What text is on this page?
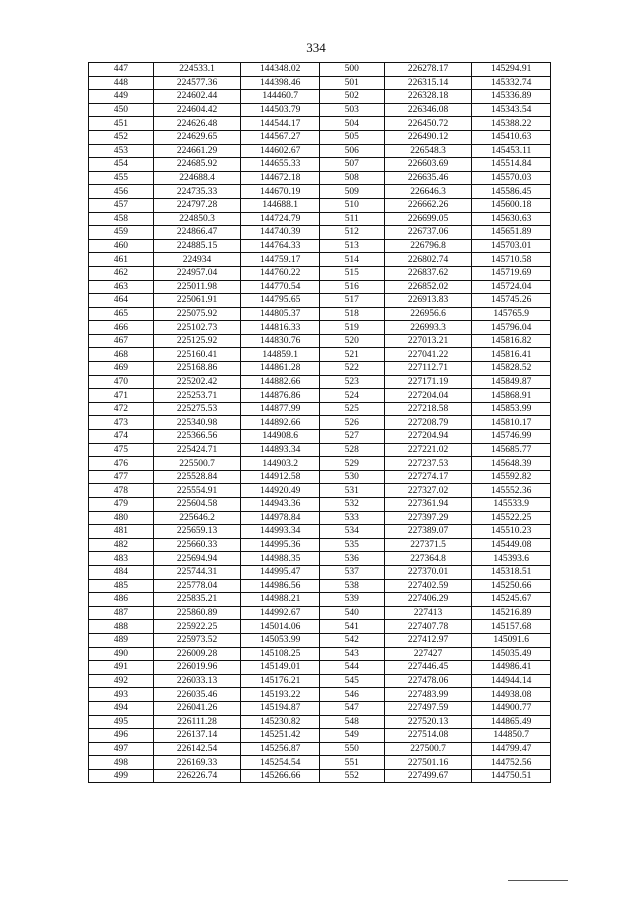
334
447	224533.1	144348.02	500	226278.17	145294.91
448	224577.36	144398.46	501	226315.14	145332.74
449	224602.44	144460.7	502	226328.18	145336.89
450	224604.42	144503.79	503	226346.08	145343.54
451	224626.48	144544.17	504	226450.72	145388.22
452	224629.65	144567.27	505	226490.12	145410.63
453	224661.29	144602.67	506	226548.3	145453.11
454	224685.92	144655.33	507	226603.69	145514.84
455	224688.4	144672.18	508	226635.46	145570.03
456	224735.33	144670.19	509	226646.3	145586.45
457	224797.28	144688.1	510	226662.26	145600.18
458	224850.3	144724.79	511	226699.05	145630.63
459	224866.47	144740.39	512	226737.06	145651.89
460	224885.15	144764.33	513	226796.8	145703.01
461	224934	144759.17	514	226802.74	145710.58
462	224957.04	144760.22	515	226837.62	145719.69
463	225011.98	144770.54	516	226852.02	145724.04
464	225061.91	144795.65	517	226913.83	145745.26
465	225075.92	144805.37	518	226956.6	145765.9
466	225102.73	144816.33	519	226993.3	145796.04
467	225125.92	144830.76	520	227013.21	145816.82
468	225160.41	144859.1	521	227041.22	145816.41
469	225168.86	144861.28	522	227112.71	145828.52
470	225202.42	144882.66	523	227171.19	145849.87
471	225253.71	144876.86	524	227204.04	145868.91
472	225275.53	144877.99	525	227218.58	145853.99
473	225340.98	144892.66	526	227208.79	145810.17
474	225366.56	144908.6	527	227204.94	145746.99
475	225424.71	144893.34	528	227221.02	145685.77
476	225500.7	144903.2	529	227237.53	145648.39
477	225528.84	144912.58	530	227274.17	145592.82
478	225554.91	144920.49	531	227327.02	145552.36
479	225604.58	144943.36	532	227361.94	145533.9
480	225646.2	144978.84	533	227397.29	145522.25
481	225659.13	144993.34	534	227389.07	145510.23
482	225660.33	144995.36	535	227371.5	145449.08
483	225694.94	144988.35	536	227364.8	145393.6
484	225744.31	144995.47	537	227370.01	145318.51
485	225778.04	144986.56	538	227402.59	145250.66
486	225835.21	144988.21	539	227406.29	145245.67
487	225860.89	144992.67	540	227413	145216.89
488	225922.25	145014.06	541	227407.78	145157.68
489	225973.52	145053.99	542	227412.97	145091.6
490	226009.28	145108.25	543	227427	145035.49
491	226019.96	145149.01	544	227446.45	144986.41
492	226033.13	145176.21	545	227478.06	144944.14
493	226035.46	145193.22	546	227483.99	144938.08
494	226041.26	145194.87	547	227497.59	144900.77
495	226111.28	145230.82	548	227520.13	144865.49
496	226137.14	145251.42	549	227514.08	144850.7
497	226142.54	145256.87	550	227500.7	144799.47
498	226169.33	145254.54	551	227501.16	144752.56
499	226226.74	145266.66	552	227499.67	144750.51
